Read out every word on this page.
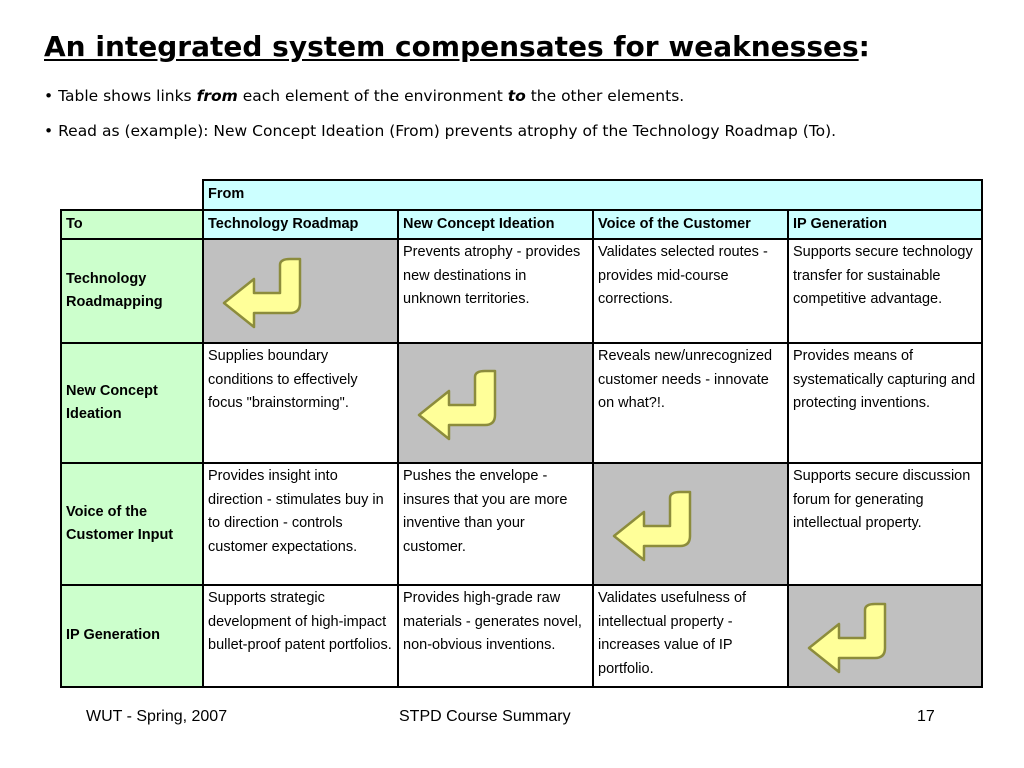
An integrated system compensates for weaknesses:
• Table shows links from each element of the environment to the other elements.
• Read as (example): New Concept Ideation (From) prevents atrophy of the Technology Roadmap (To).
	From			
To	Technology Roadmap	New Concept Ideation	Voice of the Customer	IP Generation
Technology Roadmapping		Prevents atrophy - provides new destinations in unknown territories.	Validates selected routes - provides mid-course corrections.	Supports secure technology transfer for sustainable competitive advantage.
New Concept Ideation	Supplies boundary conditions to effectively focus "brainstorming".		Reveals new/unrecognized customer needs - innovate on what?!.	Provides means of systematically capturing and protecting inventions.
Voice of the Customer Input	Provides insight into direction - stimulates buy in to direction - controls customer expectations.	Pushes the envelope - insures that you are more inventive than your customer.		Supports secure discussion forum for generating intellectual property.
IP Generation	Supports strategic development of high-impact bullet-proof patent portfolios.	Provides high-grade raw materials - generates novel, non-obvious inventions.	Validates usefulness of intellectual property - increases value of IP portfolio.	
WUT - Spring, 2007	STPD Course Summary	17
